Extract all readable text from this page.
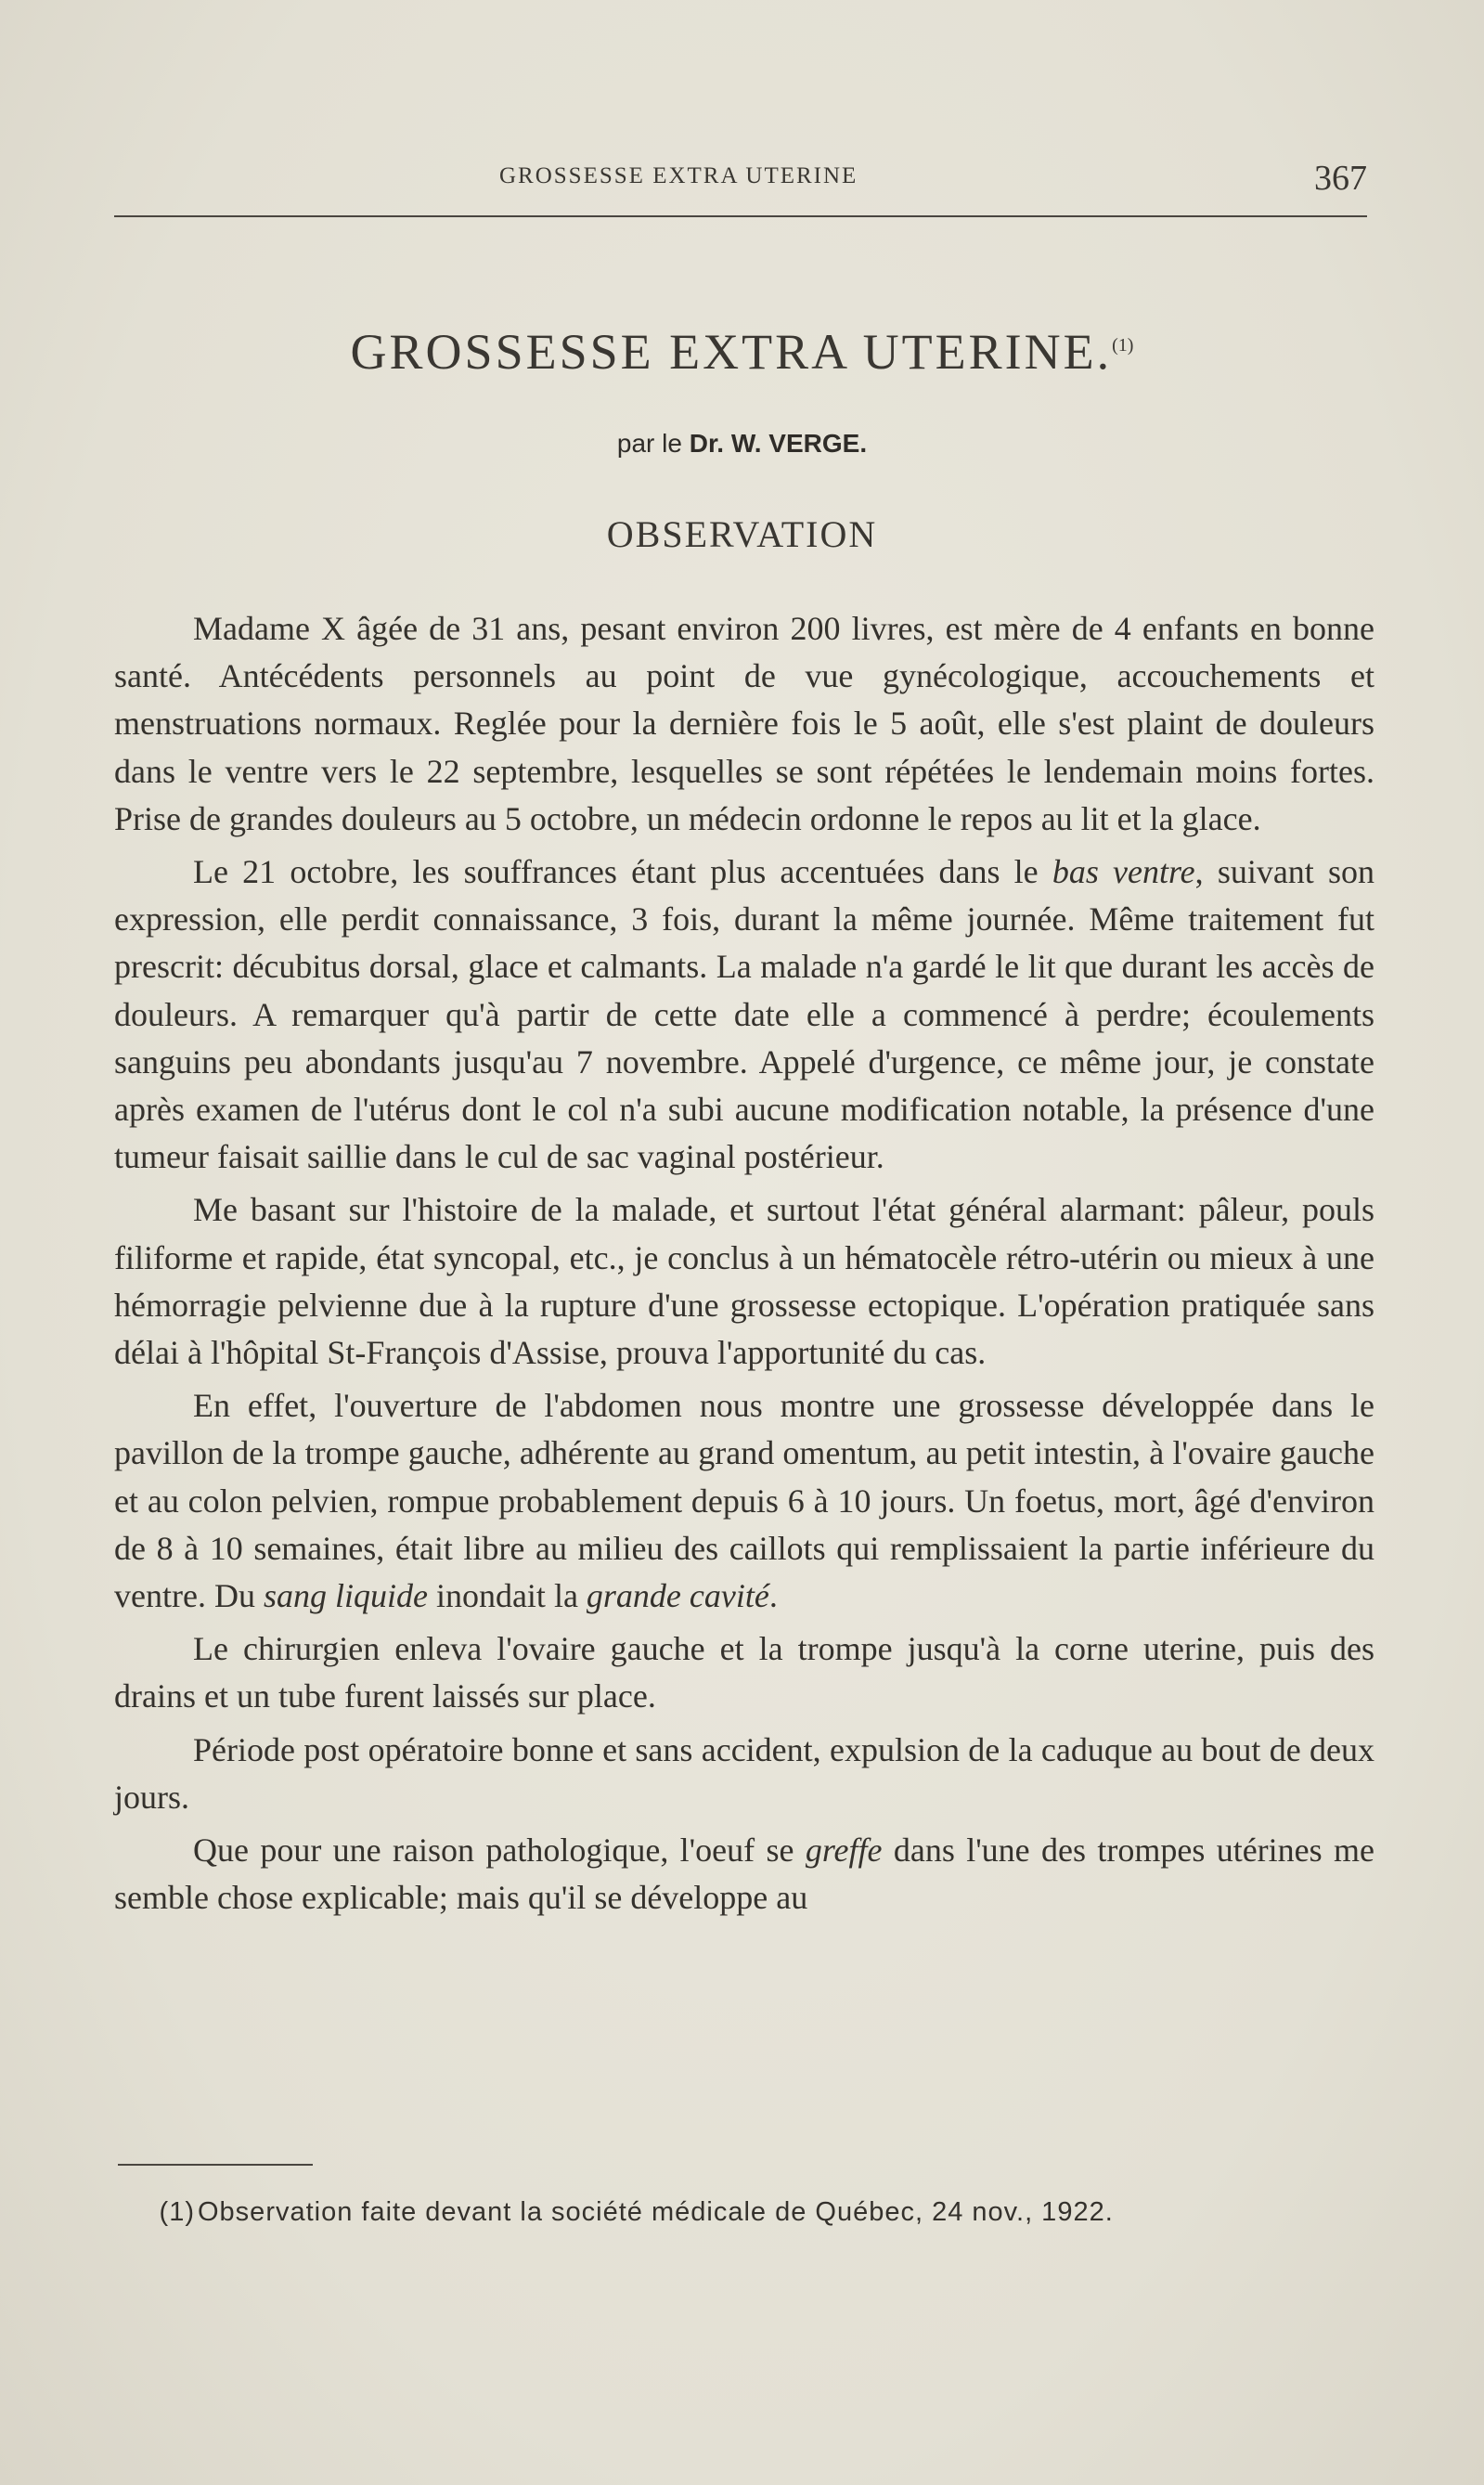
GROSSESSE EXTRA UTERINE	367
GROSSESSE EXTRA UTERINE.$^{(1)}$
par le Dr. W. VERGE.
OBSERVATION

Madame X âgée de 31 ans, pesant environ 200 livres, est mère de 4 enfants en bonne santé. Antécédents personnels au point de vue gynécologique, accouchements et menstruations normaux. Reglée pour la dernière fois le 5 août, elle s'est plaint de douleurs dans le ventre vers le 22 septembre, lesquelles se sont répétées le lendemain moins fortes. Prise de grandes douleurs au 5 octobre, un médecin ordonne le repos au lit et la glace.

Le 21 octobre, les souffrances étant plus accentuées dans le bas ventre, suivant son expression, elle perdit connaissance, 3 fois, durant la même journée. Même traitement fut prescrit: décubitus dorsal, glace et calmants. La malade n'a gardé le lit que durant les accès de douleurs. A remarquer qu'à partir de cette date elle a commencé à perdre; écoulements sanguins peu abondants jusqu'au 7 novembre. Appelé d'urgence, ce même jour, je constate après examen de l'utérus dont le col n'a subi aucune modification notable, la présence d'une tumeur faisait saillie dans le cul de sac vaginal postérieur.

Me basant sur l'histoire de la malade, et surtout l'état général alarmant: pâleur, pouls filiforme et rapide, état syncopal, etc., je conclus à un hématocèle rétro-utérin ou mieux à une hémorragie pelvienne due à la rupture d'une grossesse ectopique. L'opération pratiquée sans délai à l'hôpital St-François d'Assise, prouva l'apportunité du cas.

En effet, l'ouverture de l'abdomen nous montre une grossesse développée dans le pavillon de la trompe gauche, adhérente au grand omentum, au petit intestin, à l'ovaire gauche et au colon pelvien, rompue probablement depuis 6 à 10 jours. Un foetus, mort, âgé d'environ de 8 à 10 semaines, était libre au milieu des caillots qui remplissaient la partie inférieure du ventre. Du sang liquide inondait la grande cavité.

Le chirurgien enleva l'ovaire gauche et la trompe jusqu'à la corne uterine, puis des drains et un tube furent laissés sur place.

Période post opératoire bonne et sans accident, expulsion de la caduque au bout de deux jours.

Que pour une raison pathologique, l'oeuf se greffe dans l'une des trompes utérines me semble chose explicable; mais qu'il se développe au

(1) Observation faite devant la société médicale de Québec, 24 nov., 1922.
